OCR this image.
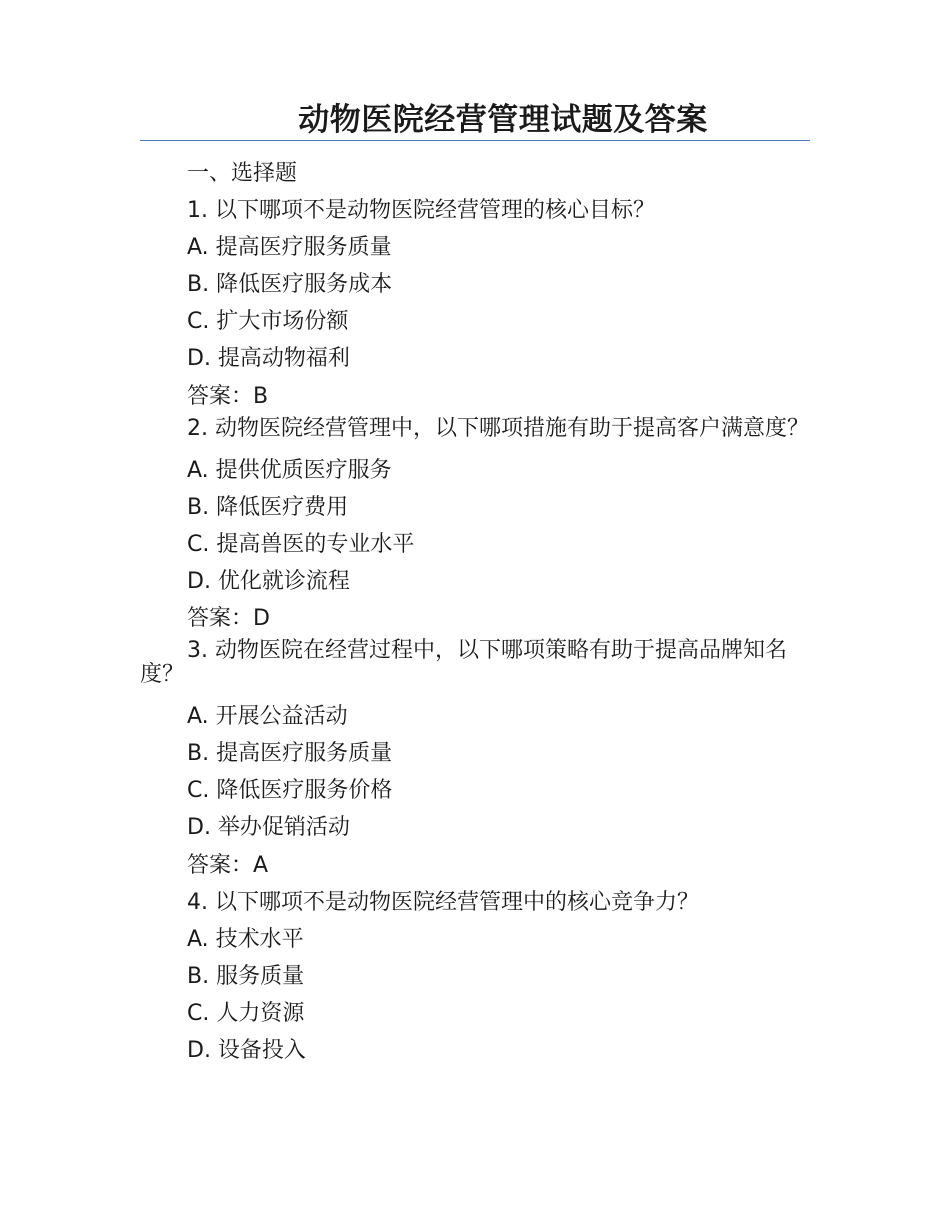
动物医院经营管理试题及答案

一、选择题

1. 以下哪项不是动物医院经营管理的核心目标？

A. 提高医疗服务质量

B. 降低医疗服务成本

C. 扩大市场份额

D. 提高动物福利

答案：B

2. 动物医院经营管理中，以下哪项措施有助于提高客户满意度？

A. 提供优质医疗服务

B. 降低医疗费用

C. 提高兽医的专业水平

D. 优化就诊流程

答案：D

3. 动物医院在经营过程中，以下哪项策略有助于提高品牌知名度？

A. 开展公益活动

B. 提高医疗服务质量

C. 降低医疗服务价格

D. 举办促销活动

答案：A

4. 以下哪项不是动物医院经营管理中的核心竞争力？

A. 技术水平

B. 服务质量

C. 人力资源

D. 设备投入
